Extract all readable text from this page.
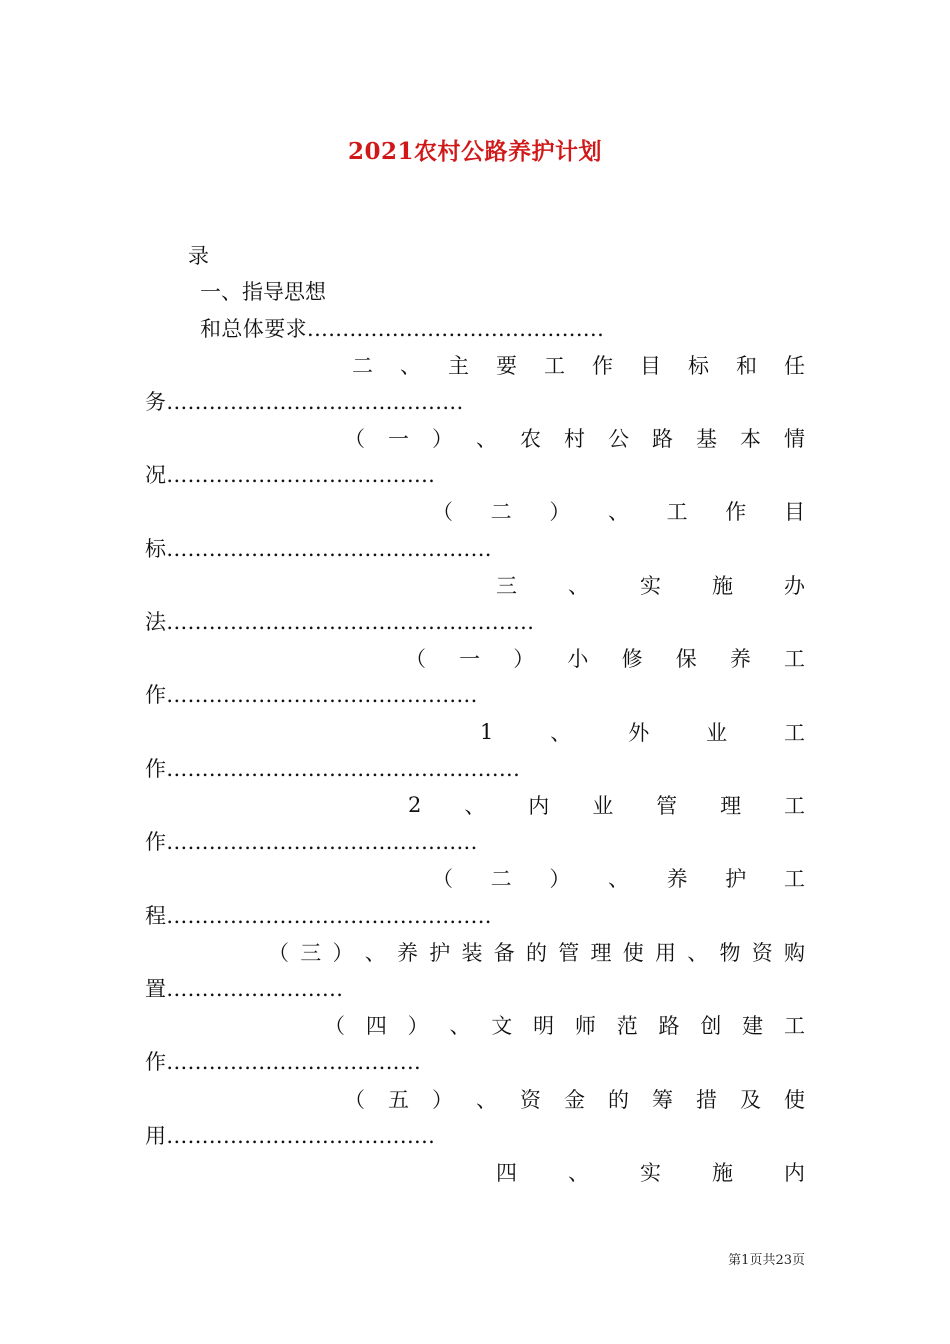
2021农村公路养护计划
录
一、指导思想
和总体要求..........................................
二 、 主 要 工 作 目 标 和 任
务..........................................
（ 一 ） 、 农 村 公 路 基 本 情
况......................................
（ 二 ） 、 工 作 目
标..............................................
三 、 实 施 办
法....................................................
（ 一 ） 小 修 保 养 工
作............................................
1	、	外	业	工
作..................................................
2 、 内 业 管 理 工
作............................................
（ 二 ） 、 养 护 工
程..............................................
（ 三 ） 、 养 护 装 备 的 管 理 使 用 、 物 资 购
置.........................
（ 四 ） 、 文 明 师 范 路 创 建 工
作....................................
（ 五 ） 、 资 金 的 筹 措 及 使
用......................................
四 、 实 施 内
第1页共23页
